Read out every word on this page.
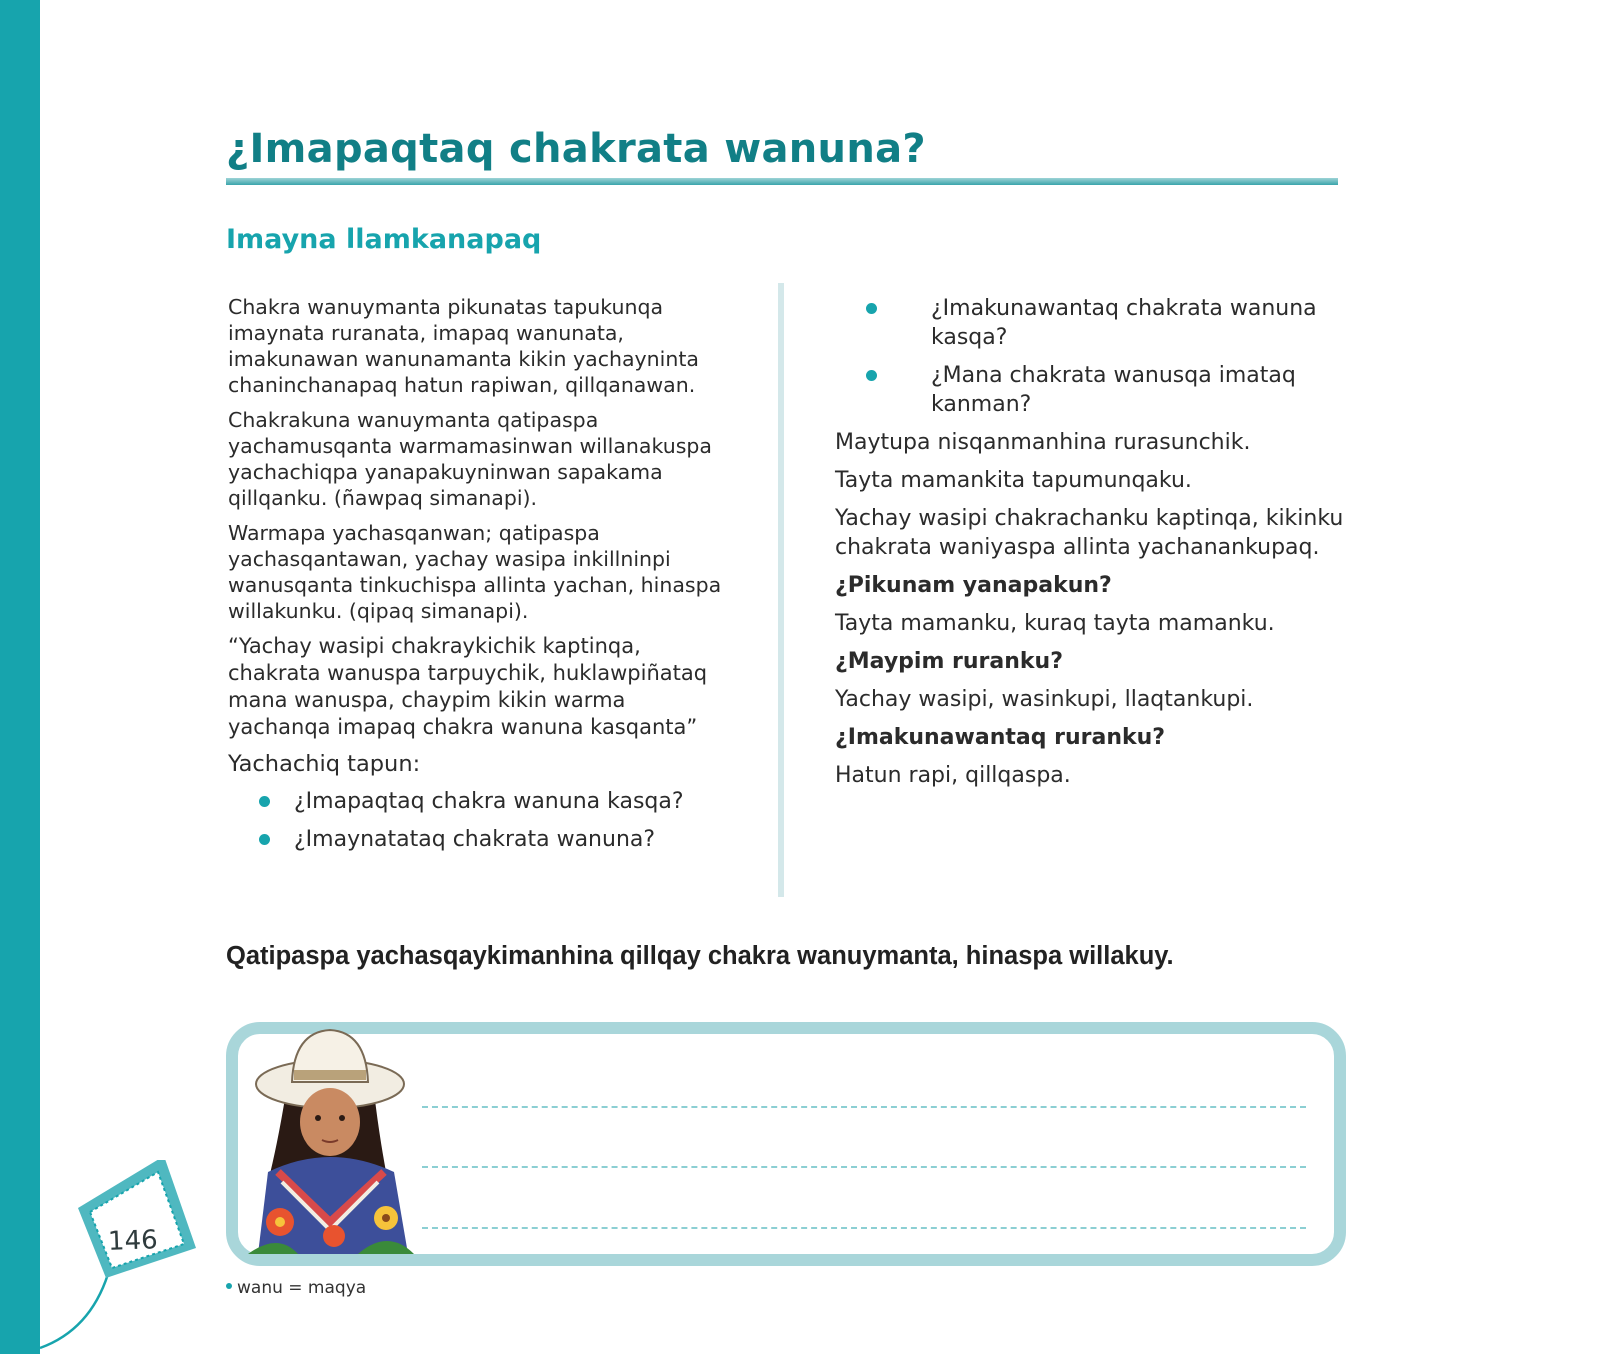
¿Imapaqtaq chakrata wanuna?
Imayna llamkanapaq

Chakra wanuymanta pikunatas tapukunqa imaynata ruranata, imapaq wanunata, imakunawan wanunamanta kikin yachayninta chaninchanapaq hatun rapiwan, qillqanawan.

Chakrakuna wanuymanta qatipaspa yachamusqanta warmamasinwan willanakuspa yachachiqpa yanapakuyninwan sapakama qillqanku. (ñawpaq simanapi).

Warmapa yachasqanwan; qatipaspa yachasqantawan, yachay wasipa inkillninpi wanusqanta tinkuchispa allinta yachan, hinaspa willakunku. (qipaq simanapi).

“Yachay wasipi chakraykichik kaptinqa, chakrata wanuspa tarpuychik, huklawpiñataq mana wanuspa, chaypim kikin warma yachanqa imapaq chakra wanuna kasqanta”

Yachachiq tapun:

¿Imapaqtaq chakra wanuna kasqa?
¿Imaynatataq chakrata wanuna?
¿Imakunawantaq chakrata wanuna kasqa?
¿Mana chakrata wanusqa imataq kanman?

Maytupa nisqanmanhina rurasunchik.

Tayta mamankita tapumunqaku.

Yachay wasipi chakrachanku kaptinqa, kikinku chakrata waniyaspa allinta yachanankupaq.

¿Pikunam yanapakun?

Tayta mamanku, kuraq tayta mamanku.

¿Maypim ruranku?

Yachay wasipi, wasinkupi, llaqtankupi.

¿Imakunawantaq ruranku?

Hatun rapi, qillqaspa.

Qatipaspa yachasqaykimanhina qillqay chakra wanuymanta, hinaspa willakuy.

wanu = maqya
146
